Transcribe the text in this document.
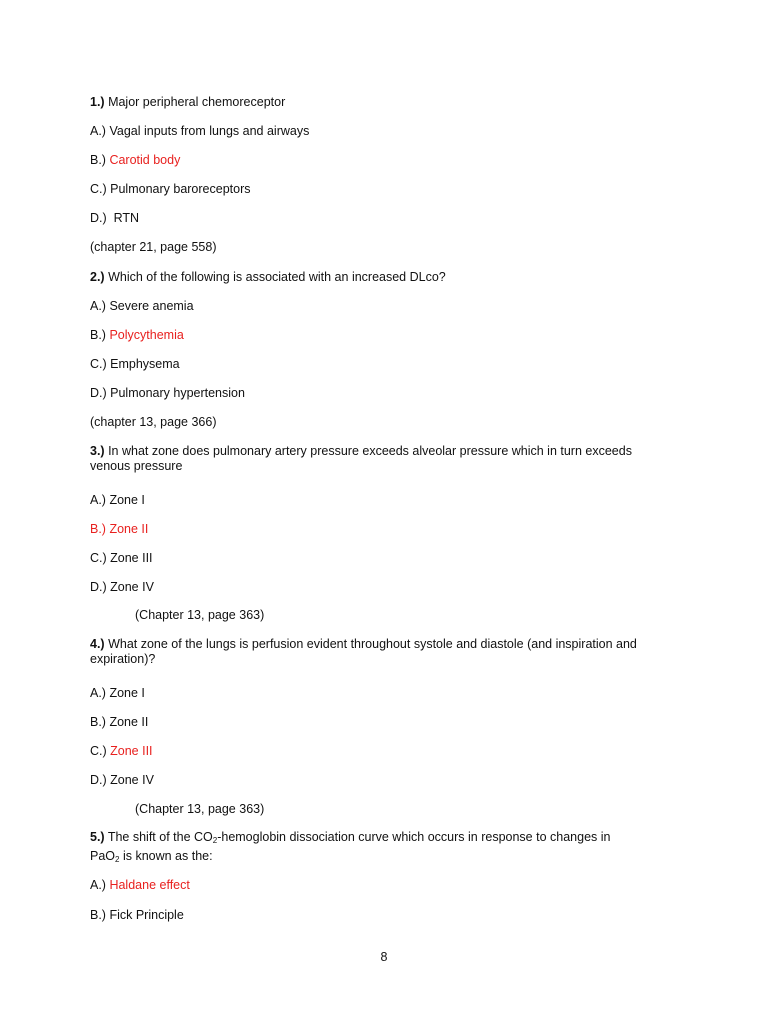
1.) Major peripheral chemoreceptor
A.) Vagal inputs from lungs and airways
B.) Carotid body
C.) Pulmonary baroreceptors
D.)  RTN
(chapter 21, page 558)
2.) Which of the following is associated with an increased DLco?
A.) Severe anemia
B.) Polycythemia
C.) Emphysema
D.) Pulmonary hypertension
(chapter 13, page 366)
3.) In what zone does pulmonary artery pressure exceeds alveolar pressure which in turn exceeds venous pressure
A.) Zone I
B.) Zone II
C.) Zone III
D.) Zone IV
(Chapter 13, page 363)
4.) What zone of the lungs is perfusion evident throughout systole and diastole (and inspiration and expiration)?
A.) Zone I
B.) Zone II
C.) Zone III
D.) Zone IV
(Chapter 13, page 363)
5.) The shift of the $CO_2$-hemoglobin dissociation curve which occurs in response to changes in
PaO$_2$ is known as the:
A.) Haldane effect
B.) Fick Principle
8
